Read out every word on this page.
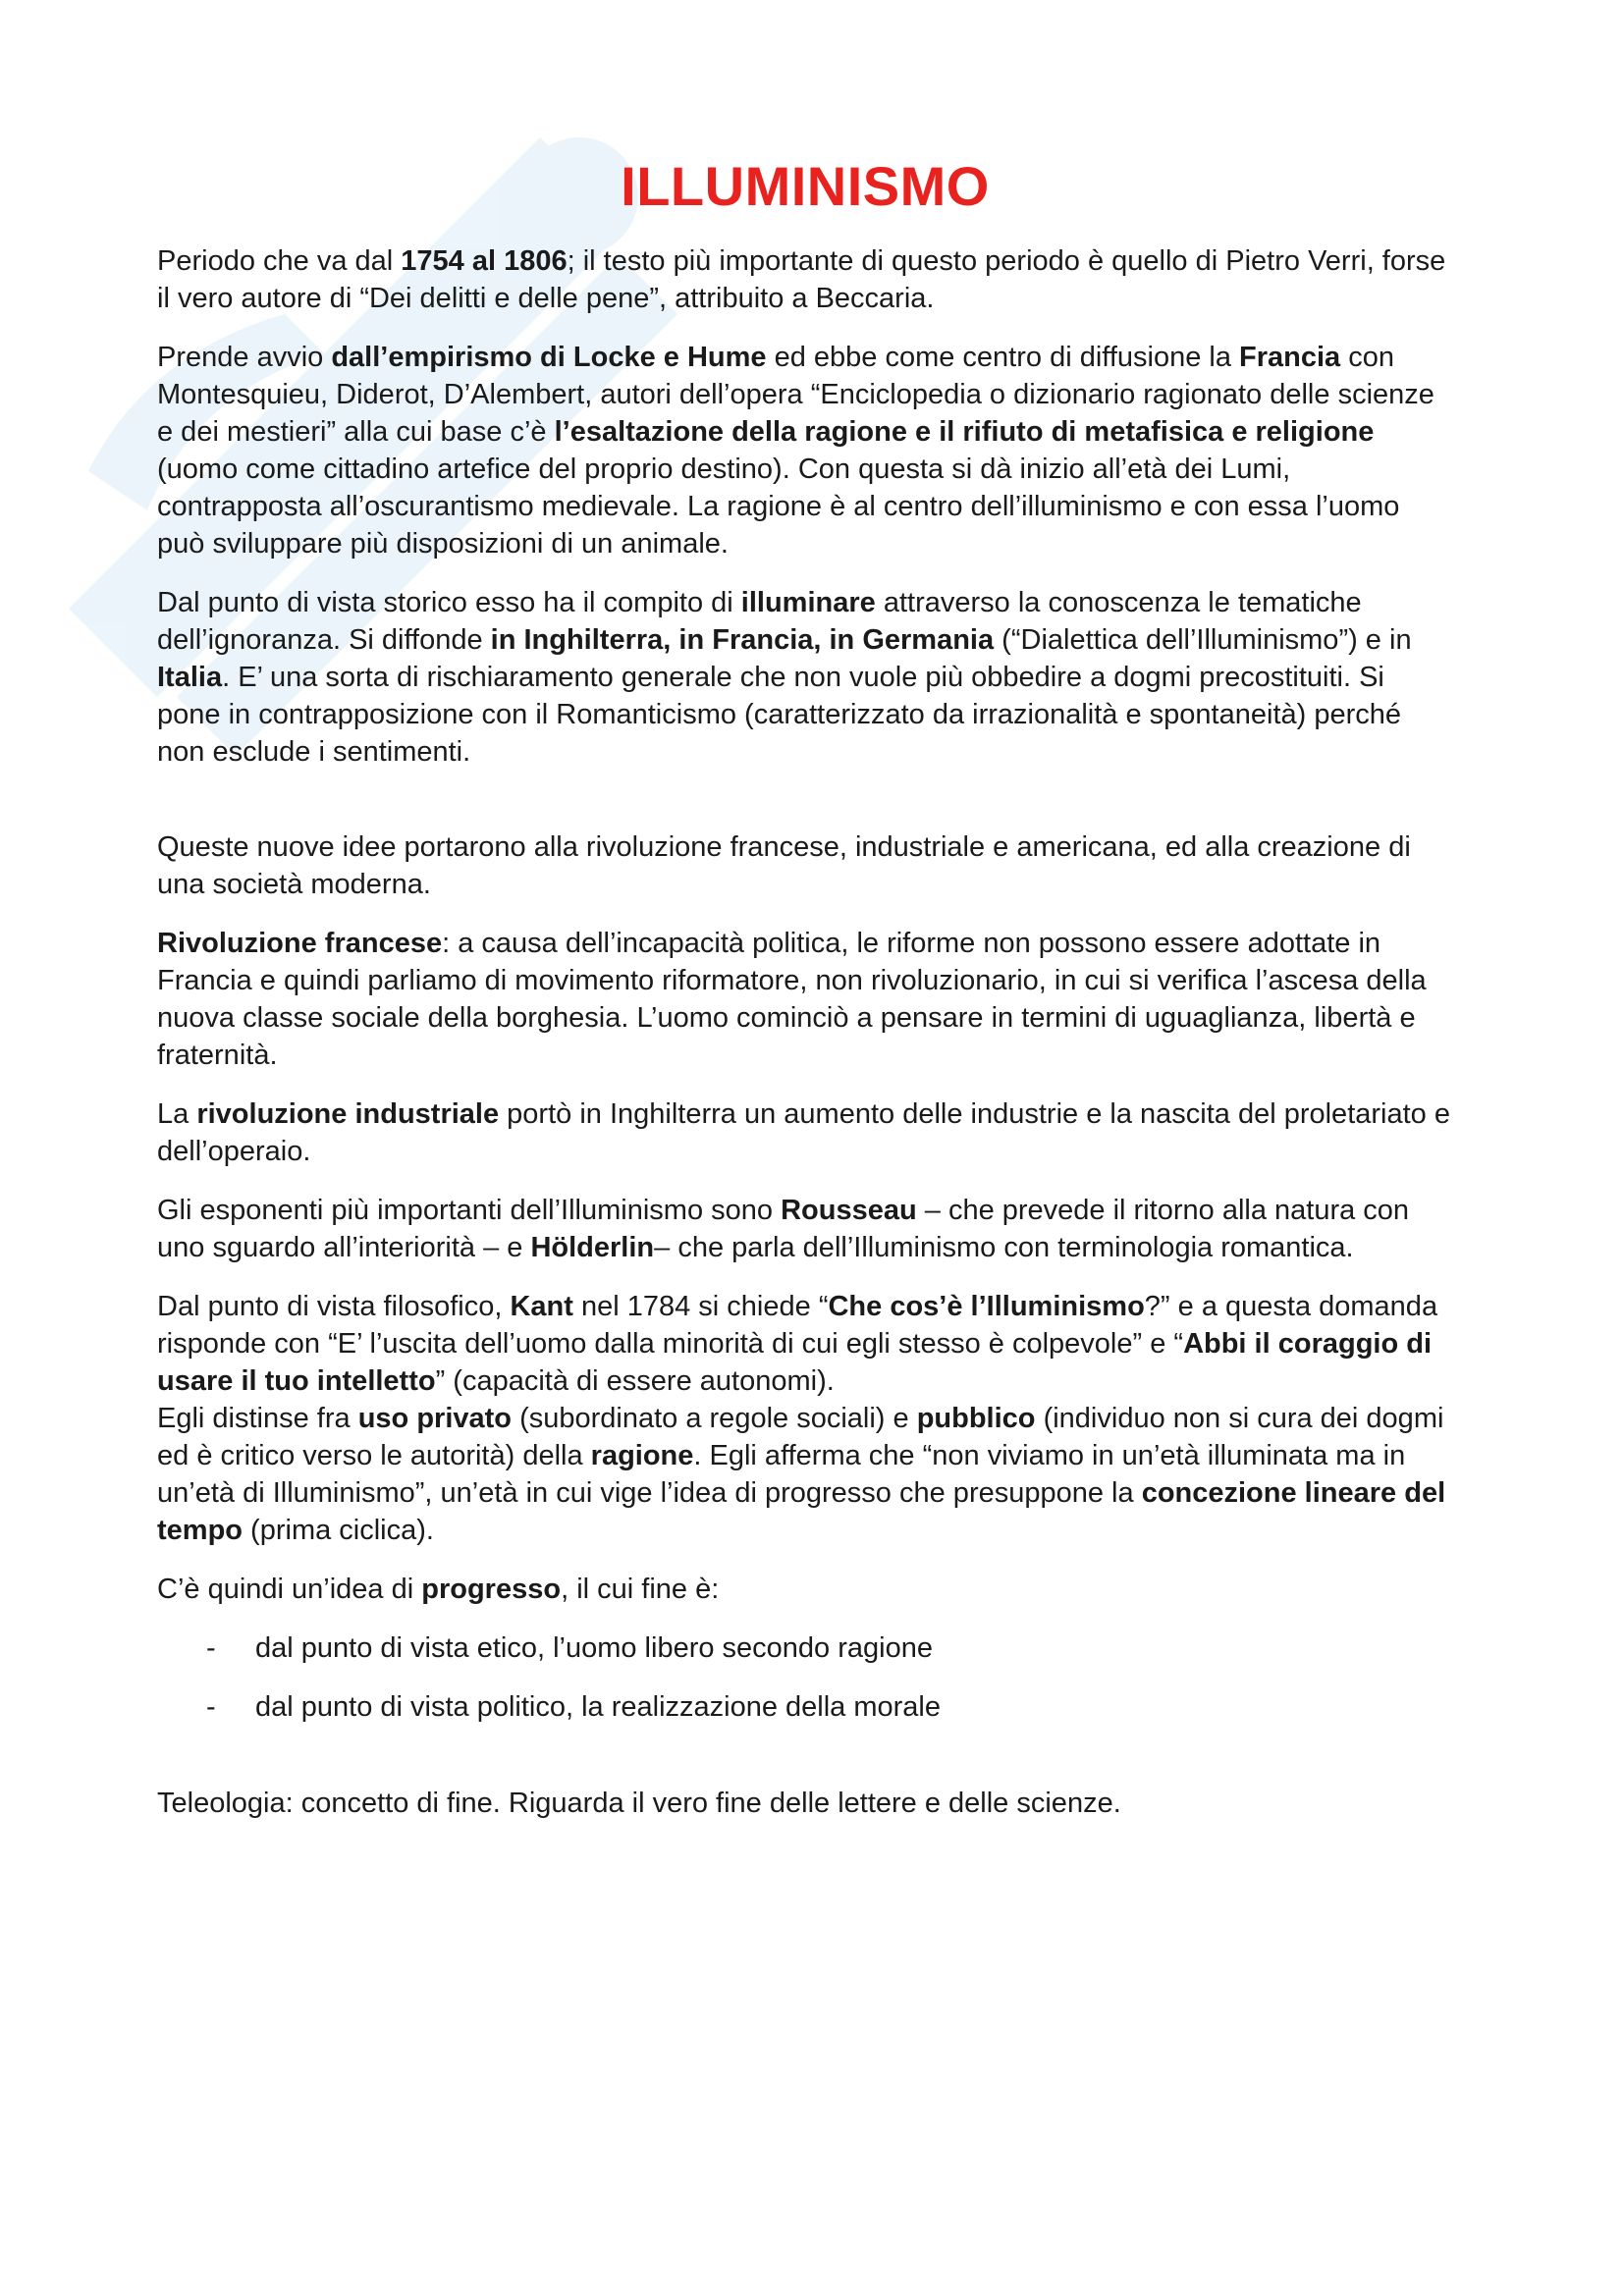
ILLUMINISMO

Periodo che va dal 1754 al 1806; il testo più importante di questo periodo è quello di Pietro Verri, forse il vero autore di “Dei delitti e delle pene”, attribuito a Beccaria.

Prende avvio dall’empirismo di Locke e Hume ed ebbe come centro di diffusione la Francia con Montesquieu, Diderot, D’Alembert, autori dell’opera “Enciclopedia o dizionario ragionato delle scienze e dei mestieri” alla cui base c’è l’esaltazione della ragione e il rifiuto di metafisica e religione (uomo come cittadino artefice del proprio destino). Con questa si dà inizio all’età dei Lumi, contrapposta all’oscurantismo medievale. La ragione è al centro dell’illuminismo e con essa l’uomo può sviluppare più disposizioni di un animale.

Dal punto di vista storico esso ha il compito di illuminare attraverso la conoscenza le tematiche dell’ignoranza. Si diffonde in Inghilterra, in Francia, in Germania (“Dialettica dell’Illuminismo”) e in Italia. E’ una sorta di rischiaramento generale che non vuole più obbedire a dogmi precostituiti. Si pone in contrapposizione con il Romanticismo (caratterizzato da irrazionalità e spontaneità) perché non esclude i sentimenti.

Queste nuove idee portarono alla rivoluzione francese, industriale e americana, ed alla creazione di una società moderna.

Rivoluzione francese: a causa dell’incapacità politica, le riforme non possono essere adottate in Francia e quindi parliamo di movimento riformatore, non rivoluzionario, in cui si verifica l’ascesa della nuova classe sociale della borghesia. L’uomo cominciò a pensare in termini di uguaglianza, libertà e fraternità.

La rivoluzione industriale portò in Inghilterra un aumento delle industrie e la nascita del proletariato e dell’operaio.

Gli esponenti più importanti dell’Illuminismo sono Rousseau – che prevede il ritorno alla natura con uno sguardo all’interiorità – e Hölderlin– che parla dell’Illuminismo con terminologia romantica.

Dal punto di vista filosofico, Kant nel 1784 si chiede “Che cos’è l’Illuminismo?” e a questa domanda risponde con “E’ l’uscita dell’uomo dalla minorità di cui egli stesso è colpevole” e “Abbi il coraggio di usare il tuo intelletto” (capacità di essere autonomi).

Egli distinse fra uso privato (subordinato a regole sociali) e pubblico (individuo non si cura dei dogmi ed è critico verso le autorità) della ragione. Egli afferma che “non viviamo in un’età illuminata ma in un’età di Illuminismo”, un’età in cui vige l’idea di progresso che presuppone la concezione lineare del tempo (prima ciclica).

C’è quindi un’idea di progresso, il cui fine è:

- dal punto di vista etico, l’uomo libero secondo ragione
- dal punto di vista politico, la realizzazione della morale

Teleologia: concetto di fine. Riguarda il vero fine delle lettere e delle scienze.
